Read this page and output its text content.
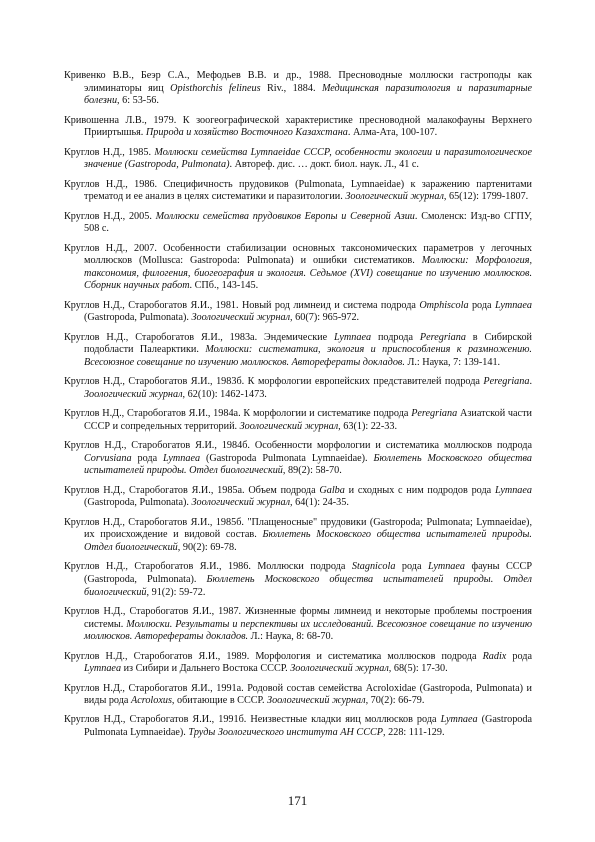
Кривенко В.В., Беэр С.А., Мефодьев В.В. и др., 1988. Пресноводные моллюски гастроподы как элиминаторы яиц Opisthorchis felineus Riv., 1884. Медицинская паразитология и паразитарные болезни, 6: 53-56.

Кривошенна Л.В., 1979. К зоогеографической характеристике пресноводной малакофауны Верхнего Прииртышья. Природа и хозяйство Восточного Казахстана. Алма-Ата, 100-107.

Круглов Н.Д., 1985. Моллюски семейства Lymnaeidae СССР, особенности экологии и паразитологическое значение (Gastropoda, Pulmonata). Автореф. дис. … докт. биол. наук. Л., 41 с.

Круглов Н.Д., 1986. Специфичность прудовиков (Pulmonata, Lymnaeidae) к заражению партенитами трематод и ее анализ в целях систематики и паразитологии. Зоологический журнал, 65(12): 1799-1807.

Круглов Н.Д., 2005. Моллюски семейства прудовиков Европы и Северной Азии. Смоленск: Изд-во СГПУ, 508 с.

Круглов Н.Д., 2007. Особенности стабилизации основных таксономических параметров у легочных моллюсков (Mollusca: Gastropoda: Pulmonata) и ошибки систематиков. Моллюски: Морфология, таксономия, филогения, биогеография и экология. Седьмое (XVI) совещание по изучению моллюсков. Сборник научных работ. СПб., 143-145.

Круглов Н.Д., Старобогатов Я.И., 1981. Новый род лимнеид и система подрода Omphiscola рода Lymnaea (Gastropoda, Pulmonata). Зоологический журнал, 60(7): 965-972.

Круглов Н.Д., Старобогатов Я.И., 1983а. Эндемические Lymnaea подрода Peregriana в Сибирской подобласти Палеарктики. Моллюски: систематика, экология и приспособления к размножению. Всесоюзное совещание по изучению моллюсков. Авторефераты докладов. Л.: Наука, 7: 139-141.

Круглов Н.Д., Старобогатов Я.И., 1983б. К морфологии европейских представителей подрода Peregriana. Зоологический журнал, 62(10): 1462-1473.

Круглов Н.Д., Старобогатов Я.И., 1984а. К морфологии и систематике подрода Peregriana Азиатской части СССР и сопредельных территорий. Зоологический журнал, 63(1): 22-33.

Круглов Н.Д., Старобогатов Я.И., 1984б. Особенности морфологии и систематика моллюсков подрода Corvusiana рода Lymnaea (Gastropoda Pulmonata Lymnaeidae). Бюллетень Московского общества испытателей природы. Отдел биологический, 89(2): 58-70.

Круглов Н.Д., Старобогатов Я.И., 1985а. Объем подрода Galba и сходных с ним подродов рода Lymnaea (Gastropoda, Pulmonata). Зоологический журнал, 64(1): 24-35.

Круглов Н.Д., Старобогатов Я.И., 1985б. "Плащеносные" прудовики (Gastropoda; Pulmonata; Lymnaeidae), их происхождение и видовой состав. Бюллетень Московского общества испытателей природы. Отдел биологический, 90(2): 69-78.

Круглов Н.Д., Старобогатов Я.И., 1986. Моллюски подрода Stagnicola рода Lymnaea фауны СССР (Gastropoda, Pulmonata). Бюллетень Московского общества испытателей природы. Отдел биологический, 91(2): 59-72.

Круглов Н.Д., Старобогатов Я.И., 1987. Жизненные формы лимнеид и некоторые проблемы построения системы. Моллюски. Результаты и перспективы их исследований. Всесоюзное совещание по изучению моллюсков. Авторефераты докладов. Л.: Наука, 8: 68-70.

Круглов Н.Д., Старобогатов Я.И., 1989. Морфология и систематика моллюсков подрода Radix рода Lymnaea из Сибири и Дальнего Востока СССР. Зоологический журнал, 68(5): 17-30.

Круглов Н.Д., Старобогатов Я.И., 1991а. Родовой состав семейства Acroloxidae (Gastropoda, Pulmonata) и виды рода Acroloxus, обитающие в СССР. Зоологический журнал, 70(2): 66-79.

Круглов Н.Д., Старобогатов Я.И., 1991б. Неизвестные кладки яиц моллюсков рода Lymnaea (Gastropoda Pulmonata Lymnaeidae). Труды Зоологического института АН СССР, 228: 111-129.

171
